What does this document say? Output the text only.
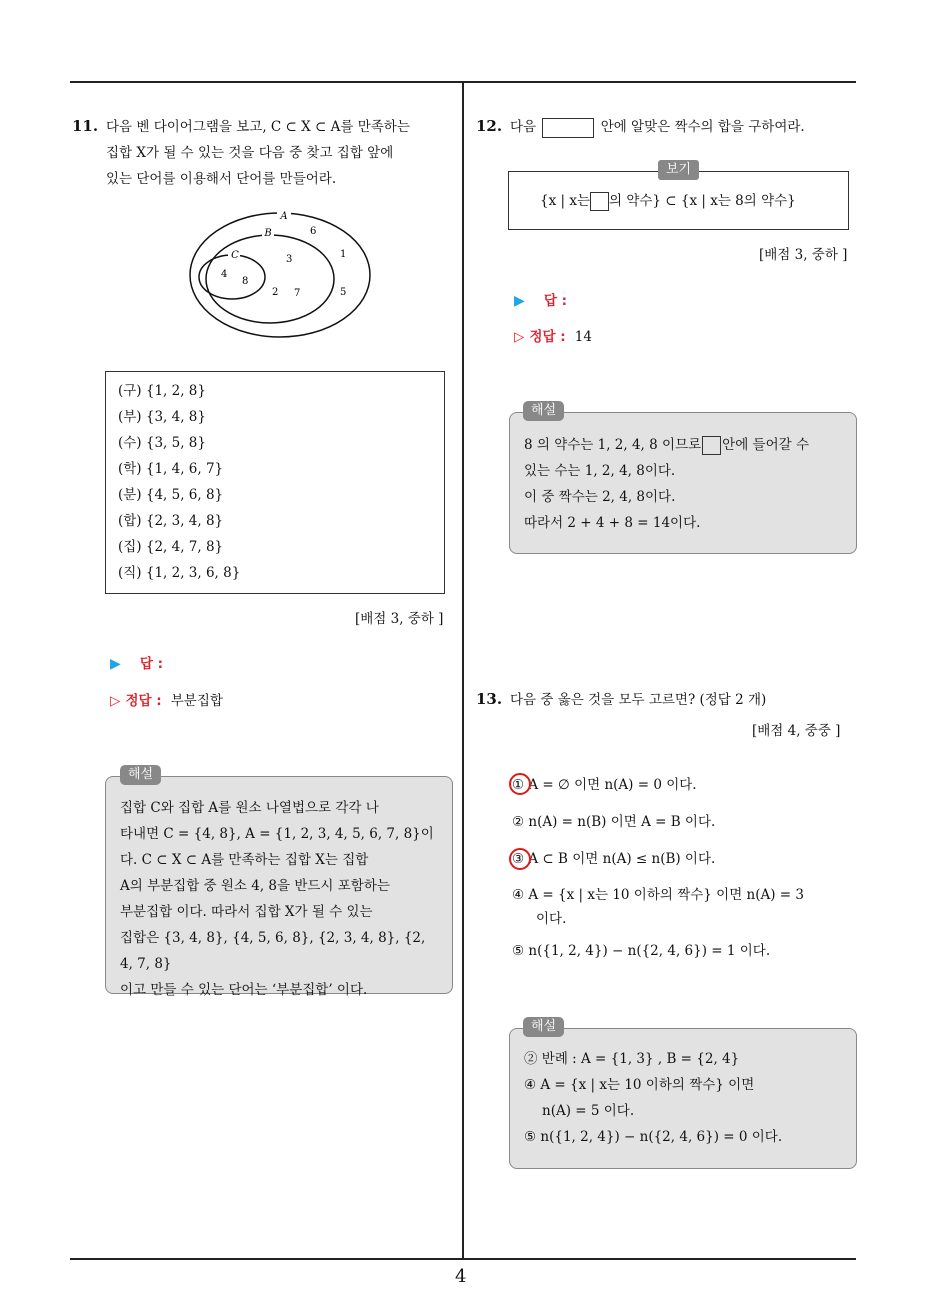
4
11. 다음 벤 다이어그램을 보고, C ⊂ X ⊂ A를 만족하는
집합 X가 될 수 있는 것을 다음 중 찾고 집합 앞에
있는 단어를 이용해서 단어를 만들어라.
A
B
C
6
1
3
4
8
2 7	5
(구) {1, 2, 8}
(부) {3, 4, 8}
(수) {3, 5, 8}
(학) {1, 4, 6, 7}
(분) {4, 5, 6, 8}
(합) {2, 3, 4, 8}
(집) {2, 4, 7, 8}
(직) {1, 2, 3, 6, 8}
[배점 3, 중하 ]
▶ 답 :
▷ 정답 : 부분집합
집합 C와 집합 A를 원소 나열법으로 각각 나
타내면 C = {4, 8}, A = {1, 2, 3, 4, 5, 6, 7, 8}이
다. C ⊂ X ⊂ A를 만족하는 집합 X는 집합
A의 부분집합 중 원소 4, 8을 반드시 포함하는
부분집합 이다. 따라서 집합 X가 될 수 있는
집합은 {3, 4, 8}, {4, 5, 6, 8}, {2, 3, 4, 8}, {2, 4, 7, 8}
이고 만들 수 있는 단어는 ‘부분집합’ 이다.
해설
12. 다음	안에 알맞은 짝수의 합을 구하여라.
보기
{x | x는 의 약수} ⊂ {x | x는 8의 약수}
[배점 3, 중하 ]
▶ 답 :
▷ 정답 : 14
8 의 약수는 1, 2, 4, 8 이므로 안에 들어갈 수
있는 수는 1, 2, 4, 8이다.
이 중 짝수는 2, 4, 8이다.
따라서 2 + 4 + 8 = 14이다.
해설
13. 다음 중 옳은 것을 모두 고르면? (정답 2 개)
[배점 4, 중중 ]
① A = ∅ 이면 n(A) = 0 이다.
② n(A) = n(B) 이면 A = B 이다.
③ A ⊂ B 이면 n(A) ≤ n(B) 이다.
④ A = {x | x는 10 이하의 짝수} 이면 n(A) = 3
이다.
⑤ n({1, 2, 4}) − n({2, 4, 6}) = 1 이다.
② 반례 : A = {1, 3} , B = {2, 4}
④ A = {x | x는 10 이하의 짝수} 이면
n(A) = 5 이다.
⑤ n({1, 2, 4}) − n({2, 4, 6}) = 0 이다.
해설
